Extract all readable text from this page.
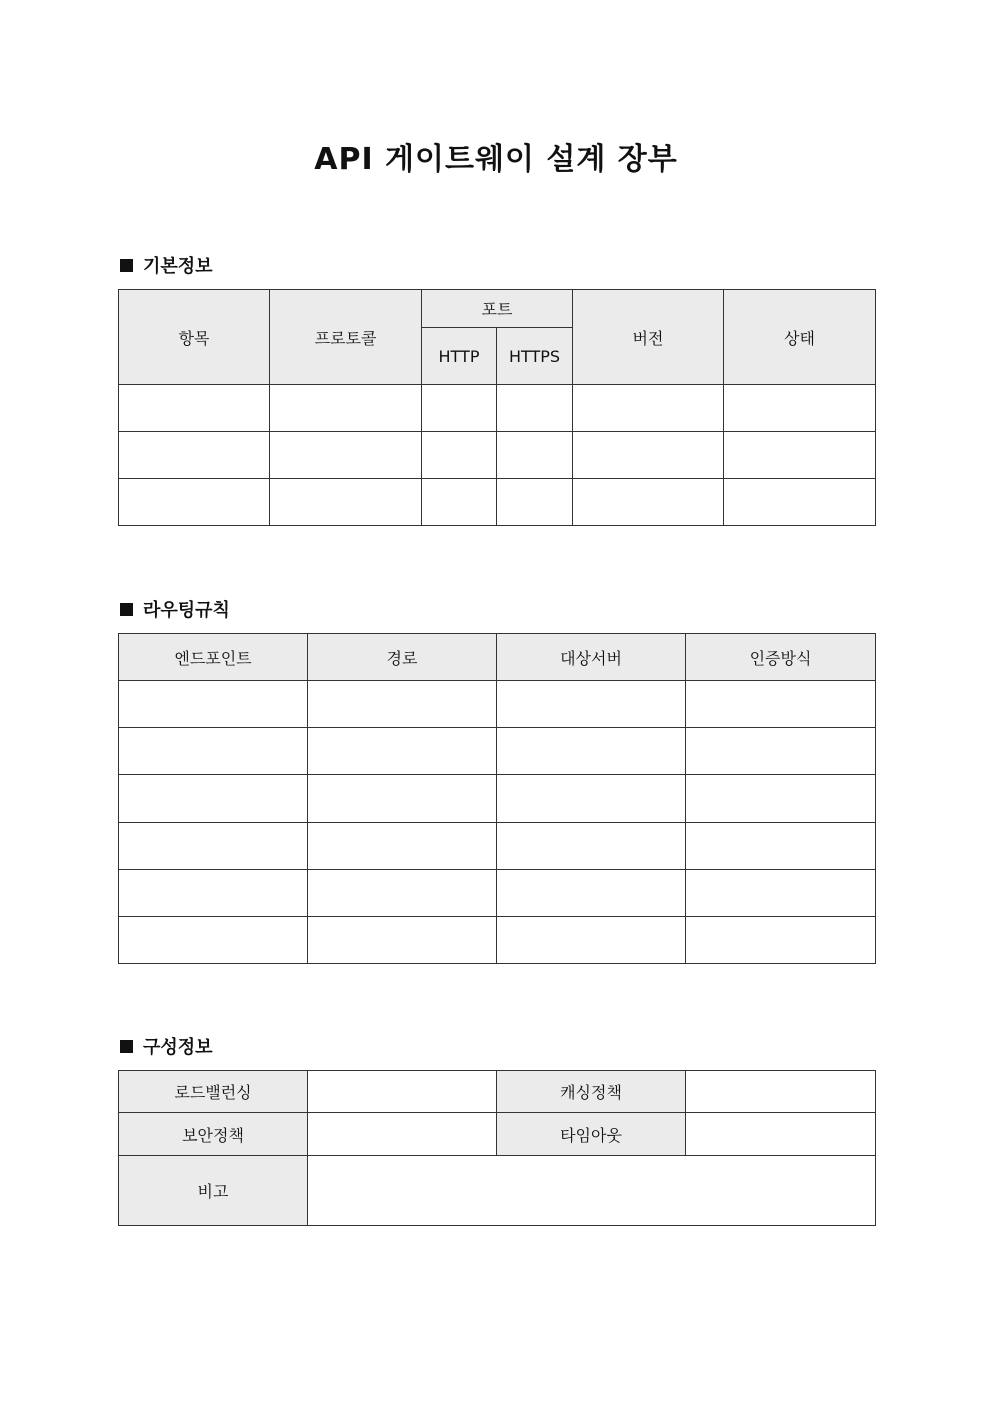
API 게이트웨이 설계 장부
기본정보
항목	프로토콜	포트		버전	상태
		HTTP	HTTPS		

라우팅규칙
엔드포인트	경로	대상서버	인증방식

구성정보
로드밸런싱		캐싱정책	
보안정책		타임아웃	
비고			
